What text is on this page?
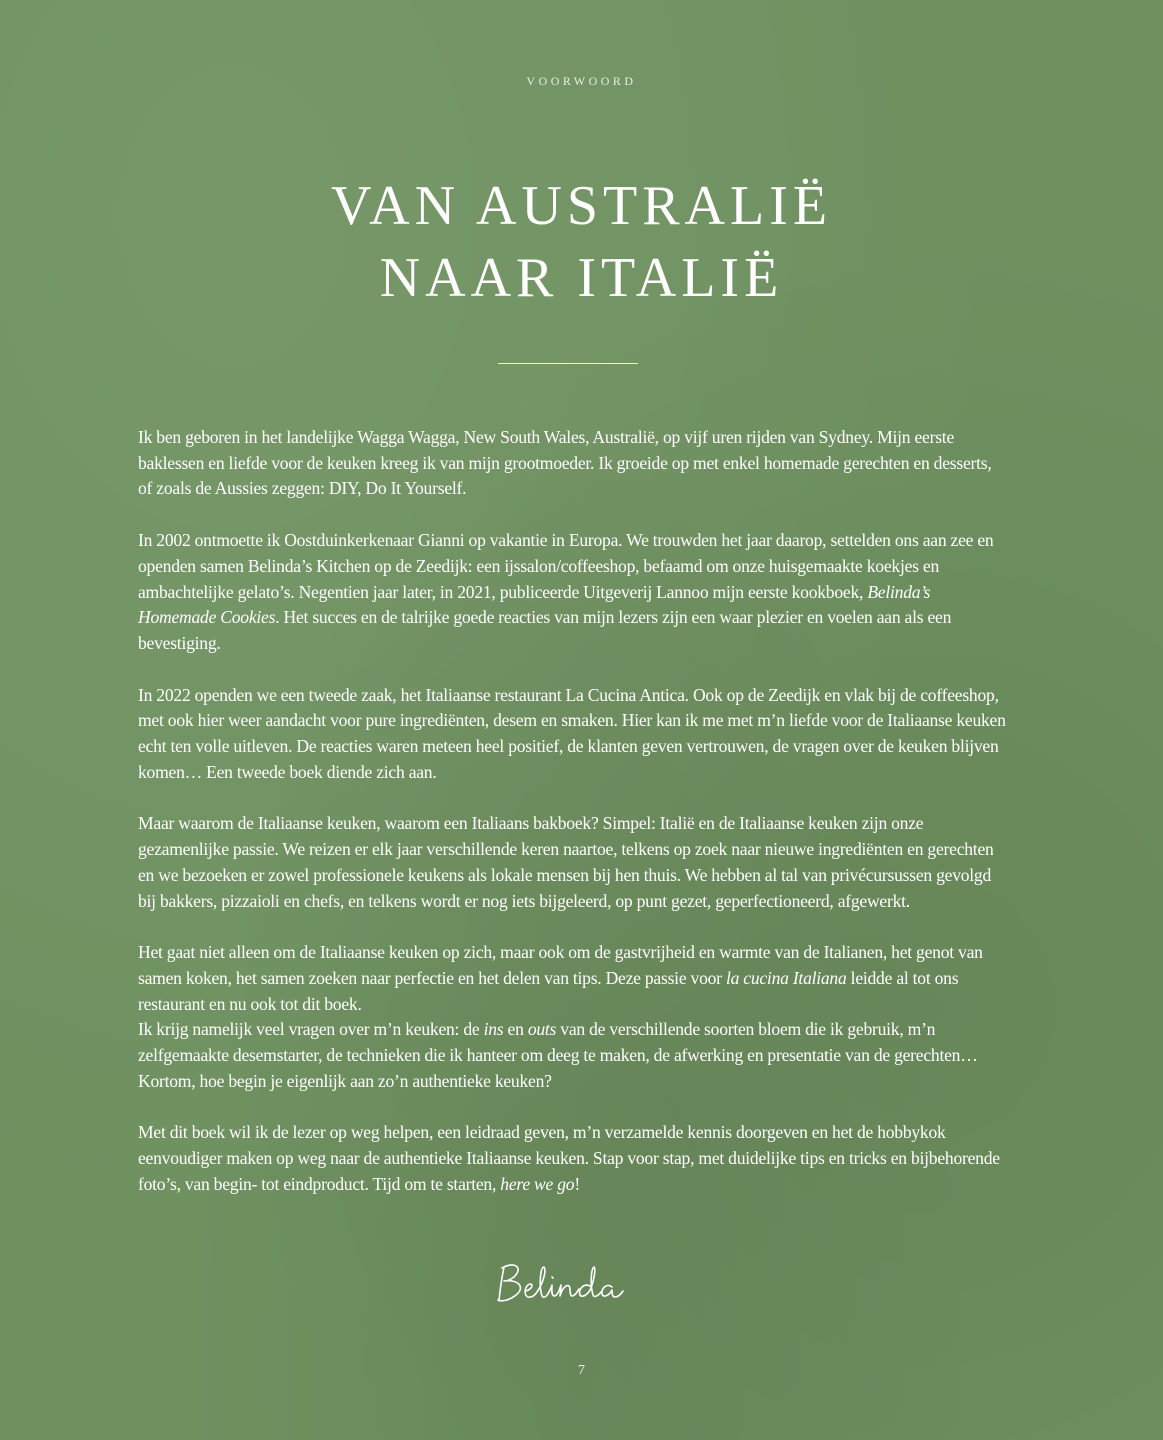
VOORWOORD
VAN AUSTRALIË
NAAR ITALIË

Ik ben geboren in het landelijke Wagga Wagga, New South Wales, Australië, op vijf uren rijden van Sydney. Mijn eerste baklessen en liefde voor de keuken kreeg ik van mijn grootmoeder. Ik groeide op met enkel homemade gerechten en desserts, of zoals de Aussies zeggen: DIY, Do It Yourself.

In 2002 ontmoette ik Oostduinkerkenaar Gianni op vakantie in Europa. We trouwden het jaar daarop, settelden ons aan zee en openden samen Belinda’s Kitchen op de Zeedijk: een ijssalon/coffeeshop, befaamd om onze huisgemaakte koekjes en ambachtelijke gelato’s. Negentien jaar later, in 2021, publiceerde Uitgeverij Lannoo mijn eerste kookboek, Belinda’s Homemade Cookies. Het succes en de talrijke goede reacties van mijn lezers zijn een waar plezier en voelen aan als een bevestiging.

In 2022 openden we een tweede zaak, het Italiaanse restaurant La Cucina Antica. Ook op de Zeedijk en vlak bij de coffeeshop, met ook hier weer aandacht voor pure ingrediënten, desem en smaken. Hier kan ik me met m’n liefde voor de Italiaanse keuken echt ten volle uitleven. De reacties waren meteen heel positief, de klanten geven vertrouwen, de vragen over de keuken blijven komen… Een tweede boek diende zich aan.

Maar waarom de Italiaanse keuken, waarom een Italiaans bakboek? Simpel: Italië en de Italiaanse keuken zijn onze gezamenlijke passie. We reizen er elk jaar verschillende keren naartoe, telkens op zoek naar nieuwe ingrediënten en gerechten en we bezoeken er zowel professionele keukens als lokale mensen bij hen thuis. We hebben al tal van privécursussen gevolgd bij bakkers, pizzaioli en chefs, en telkens wordt er nog iets bijgeleerd, op punt gezet, geperfectioneerd, afgewerkt.

Het gaat niet alleen om de Italiaanse keuken op zich, maar ook om de gastvrijheid en warmte van de Italianen, het genot van samen koken, het samen zoeken naar perfectie en het delen van tips. Deze passie voor la cucina Italiana leidde al tot ons restaurant en nu ook tot dit boek.

Ik krijg namelijk veel vragen over m’n keuken: de ins en outs van de verschillende soorten bloem die ik gebruik, m’n zelfgemaakte desemstarter, de technieken die ik hanteer om deeg te maken, de afwerking en presentatie van de gerechten… Kortom, hoe begin je eigenlijk aan zo’n authentieke keuken?

Met dit boek wil ik de lezer op weg helpen, een leidraad geven, m’n verzamelde kennis doorgeven en het de hobbykok eenvoudiger maken op weg naar de authentieke Italiaanse keuken. Stap voor stap, met duidelijke tips en tricks en bijbehorende foto’s, van begin- tot eindproduct. Tijd om te starten, here we go!

7
